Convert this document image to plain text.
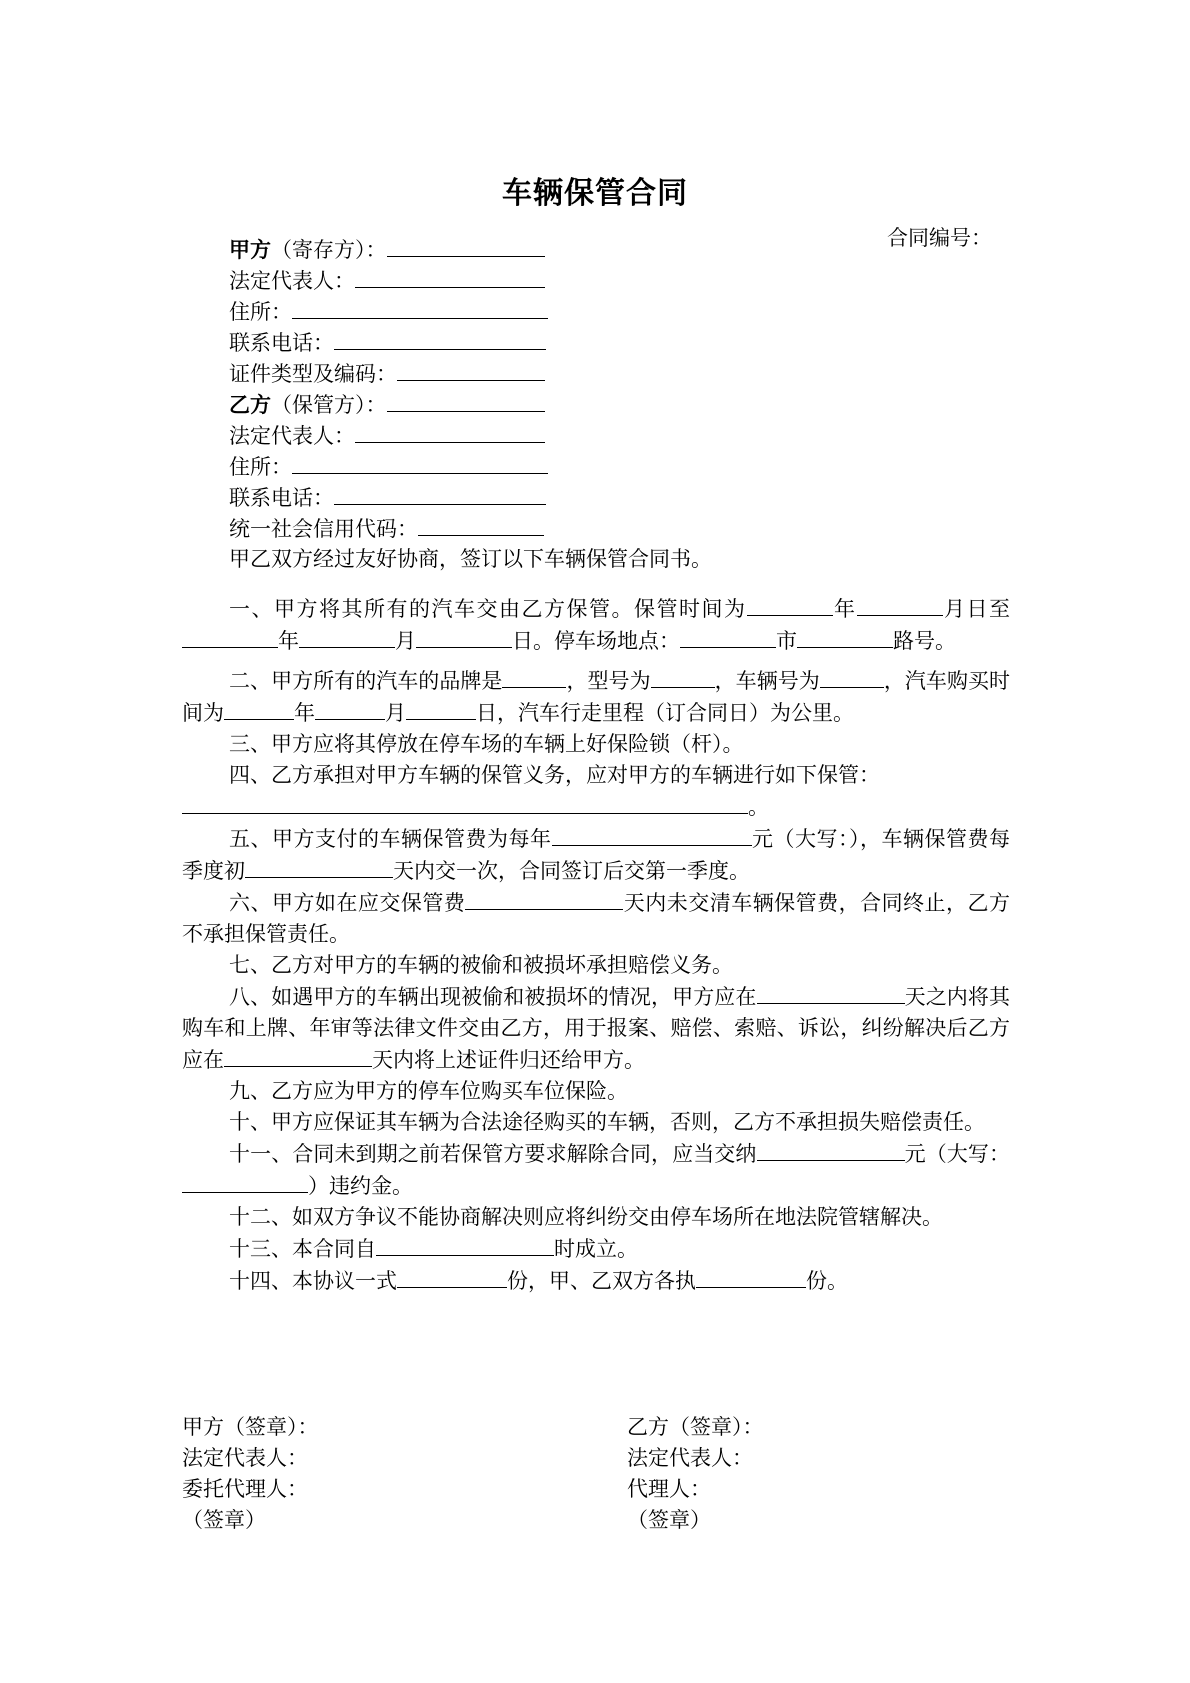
车辆保管合同
合同编号：
甲方（寄存方）：
法定代表人：
住所：
联系电话：
证件类型及编码：
乙方（保管方）：
法定代表人：
住所：
联系电话：
统一社会信用代码：
甲乙双方经过友好协商，签订以下车辆保管合同书。

一、甲方将其所有的汽车交由乙方保管。保管时间为	年	月日至年	月	日。停车场地点：	市	路号。

二、甲方所有的汽车的品牌是	，型号为	，车辆号为	，汽车购买时间为	年	月	日，汽车行走里程（订合同日）为公里。

三、甲方应将其停放在停车场的车辆上好保险锁（杆）。

四、乙方承担对甲方车辆的保管义务，应对甲方的车辆进行如下保管：
。

五、甲方支付的车辆保管费为每年	元（大写：），车辆保管费每季度初	天内交一次，合同签订后交第一季度。

六、甲方如在应交保管费	天内未交清车辆保管费，合同终止，乙方不承担保管责任。

七、乙方对甲方的车辆的被偷和被损坏承担赔偿义务。

八、如遇甲方的车辆出现被偷和被损坏的情况，甲方应在	天之内将其购车和上牌、年审等法律文件交由乙方，用于报案、赔偿、索赔、诉讼，纠纷解决后乙方应在	天内将上述证件归还给甲方。

九、乙方应为甲方的停车位购买车位保险。

十、甲方应保证其车辆为合法途径购买的车辆，否则，乙方不承担损失赔偿责任。

十一、合同未到期之前若保管方要求解除合同，应当交纳	元（大写：）违约金。

十二、如双方争议不能协商解决则应将纠纷交由停车场所在地法院管辖解决。

十三、本合同自	时成立。

十四、本协议一式	份，甲、乙双方各执	份。

甲方（签章）：	乙方（签章）：
法定代表人：	法定代表人：
委托代理人：	代理人：
（签章）	（签章）
